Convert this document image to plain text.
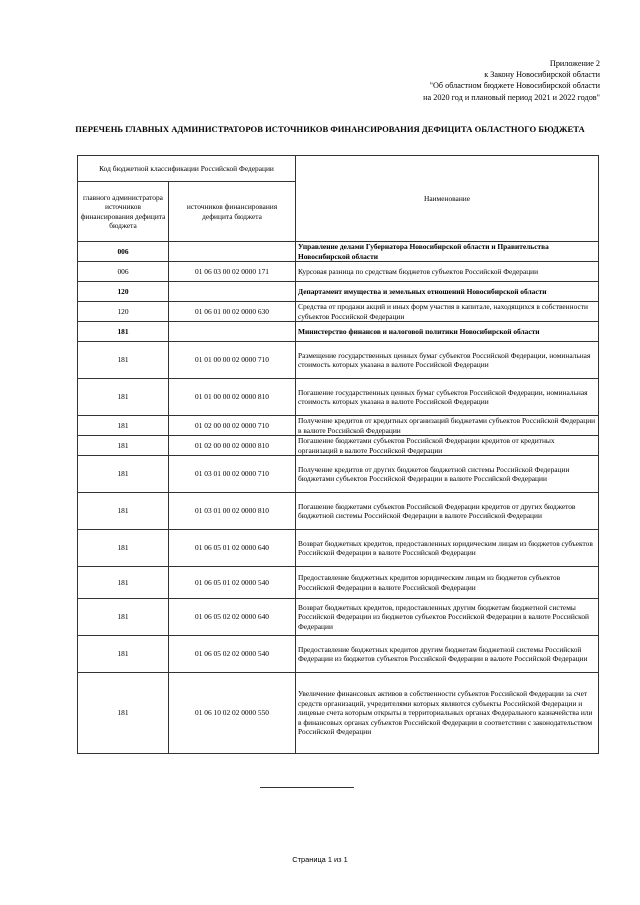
Приложение 2
к Закону Новосибирской области
"Об областном бюджете Новосибирской области
на 2020 год и плановый период 2021 и 2022 годов"
ПЕРЕЧЕНЬ ГЛАВНЫХ АДМИНИСТРАТОРОВ ИСТОЧНИКОВ ФИНАНСИРОВАНИЯ ДЕФИЦИТА ОБЛАСТНОГО БЮДЖЕТА
Код бюджетной классификации Российской Федерации		Наименование
главного администратора источников финансирования дефицита бюджета	источников финансирования дефицита бюджета	
006		Управление делами Губернатора Новосибирской области и Правительства Новосибирской области
006	01 06 03 00 02 0000 171	Курсовая разница по средствам бюджетов субъектов Российской Федерации
120		Департамент имущества и земельных отношений Новосибирской области
120	01 06 01 00 02 0000 630	Средства от продажи акций и иных форм участия в капитале, находящихся в собственности субъектов Российской Федерации
181		Министерство финансов и налоговой политики Новосибирской области
181	01 01 00 00 02 0000 710	Размещение государственных ценных бумаг субъектов Российской Федерации, номинальная стоимость которых указана в валюте Российской Федерации
181	01 01 00 00 02 0000 810	Погашение государственных ценных бумаг субъектов Российской Федерации, номинальная стоимость которых указана в валюте Российской Федерации
181	01 02 00 00 02 0000 710	Получение кредитов от кредитных организаций бюджетами субъектов Российской Федерации в валюте Российской Федерации
181	01 02 00 00 02 0000 810	Погашение бюджетами субъектов Российской Федерации кредитов от кредитных организаций в валюте Российской Федерации
181	01 03 01 00 02 0000 710	Получение кредитов от других бюджетов бюджетной системы Российской Федерации бюджетами субъектов Российской Федерации в валюте Российской Федерации
181	01 03 01 00 02 0000 810	Погашение бюджетами субъектов Российской Федерации кредитов от других бюджетов бюджетной системы Российской Федерации в валюте Российской Федерации
181	01 06 05 01 02 0000 640	Возврат бюджетных кредитов, предоставленных юридическим лицам из бюджетов субъектов Российской Федерации в валюте Российской Федерации
181	01 06 05 01 02 0000 540	Предоставление бюджетных кредитов юридическим лицам из бюджетов субъектов Российской Федерации в валюте Российской Федерации
181	01 06 05 02 02 0000 640	Возврат бюджетных кредитов, предоставленных другим бюджетам бюджетной системы Российской Федерации из бюджетов субъектов Российской Федерации в валюте Российской Федерации
181	01 06 05 02 02 0000 540	Предоставление бюджетных кредитов другим бюджетам бюджетной системы Российской Федерации из бюджетов субъектов Российской Федерации в валюте Российской Федерации
181	01 06 10 02 02 0000 550	Увеличение финансовых активов в собственности субъектов Российской Федерации за счет средств организаций, учредителями которых являются субъекты Российской Федерации и лицевые счета которым открыты в территориальных органах Федерального казначейства или в финансовых органах субъектов Российской Федерации в соответствии с законодательством Российской Федерации
Страница 1 из 1
